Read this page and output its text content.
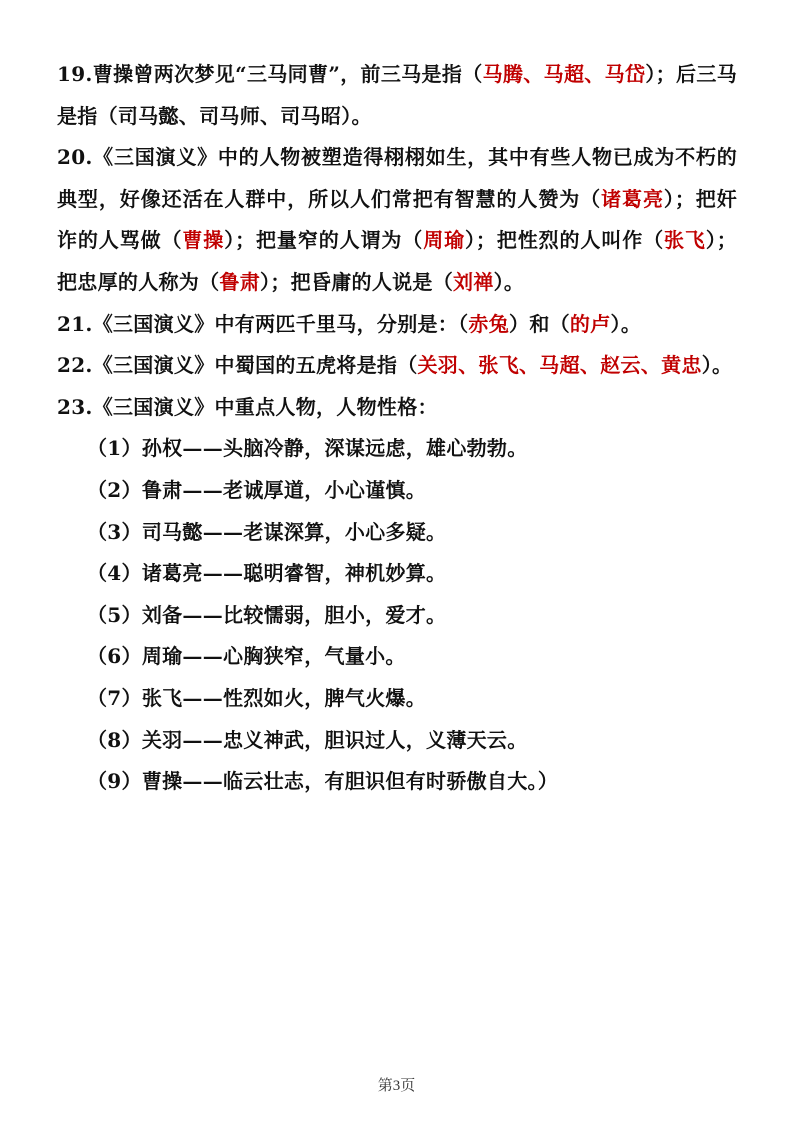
19.曹操曾两次梦见“三马同曹”，前三马是指（马腾、马超、马岱）；后三马是指（司马懿、司马师、司马昭）。

20.《三国演义》中的人物被塑造得栩栩如生，其中有些人物已成为不朽的典型，好像还活在人群中，所以人们常把有智慧的人赞为（诸葛亮）；把奸诈的人骂做（曹操）；把量窄的人谓为（周瑜）；把性烈的人叫作（张飞）；把忠厚的人称为（鲁肃）；把昏庸的人说是（刘禅）。

21.《三国演义》中有两匹千里马，分别是：（赤兔）和（的卢）。

22.《三国演义》中蜀国的五虎将是指（关羽、张飞、马超、赵云、黄忠）。

23.《三国演义》中重点人物，人物性格：

（1）孙权——头脑冷静，深谋远虑，雄心勃勃。

（2）鲁肃——老诚厚道，小心谨慎。

（3）司马懿——老谋深算，小心多疑。

（4）诸葛亮——聪明睿智，神机妙算。

（5）刘备——比较懦弱，胆小，爱才。

（6）周瑜——心胸狭窄，气量小。

（7）张飞——性烈如火，脾气火爆。

（8）关羽——忠义神武，胆识过人，义薄天云。

（9）曹操——临云壮志，有胆识但有时骄傲自大。）

第3页
